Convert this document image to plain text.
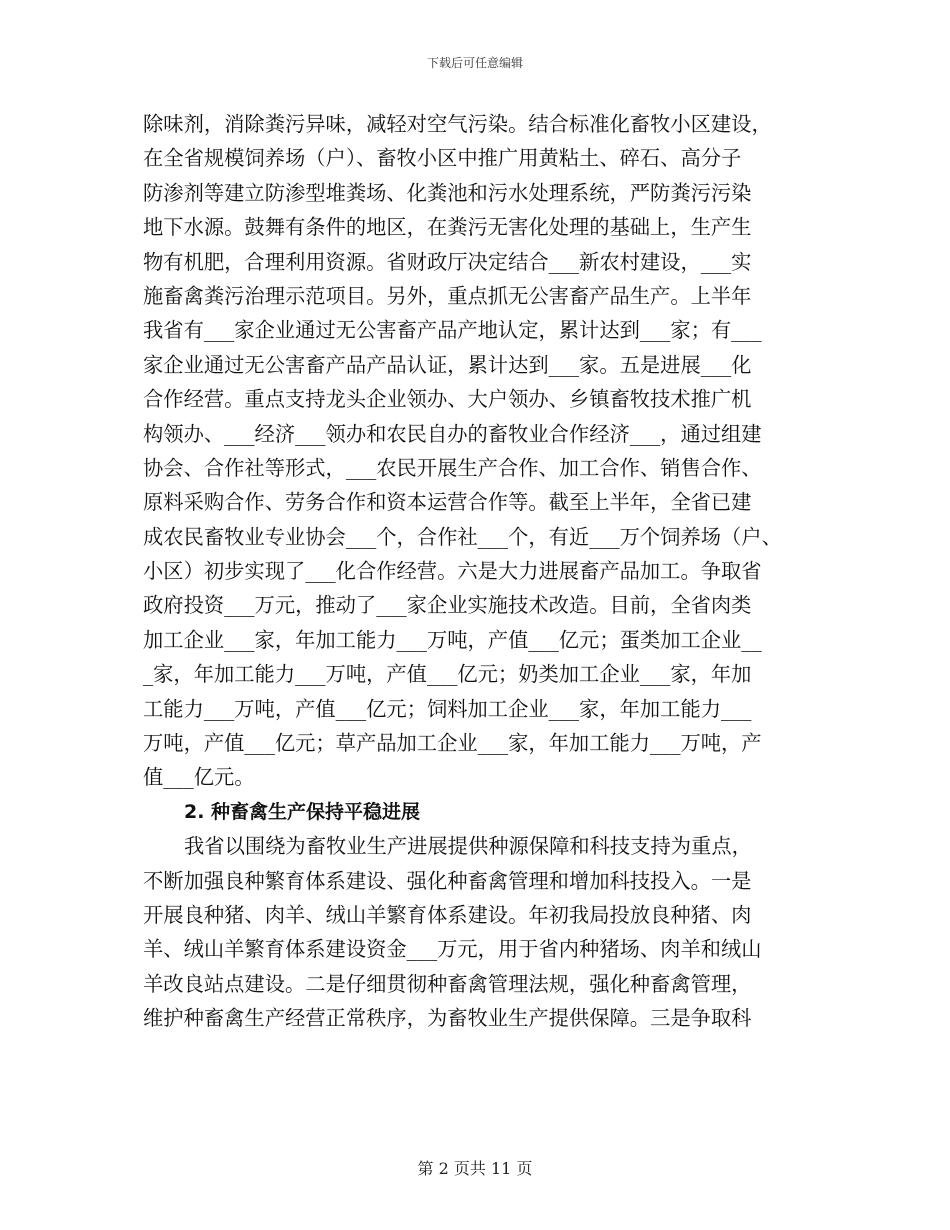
下载后可任意编辑
除味剂，消除粪污异味，减轻对空气污染。结合标准化畜牧小区建设，
在全省规模饲养场（户）、畜牧小区中推广用黄粘土、碎石、高分子
防渗剂等建立防渗型堆粪场、化粪池和污水处理系统，严防粪污污染
地下水源。鼓舞有条件的地区，在粪污无害化处理的基础上，生产生
物有机肥，合理利用资源。省财政厅决定结合___新农村建设，___实
施畜禽粪污治理示范项目。另外，重点抓无公害畜产品生产。上半年
我省有___家企业通过无公害畜产品产地认定，累计达到___家；有___
家企业通过无公害畜产品产品认证，累计达到___家。五是进展___化
合作经营。重点支持龙头企业领办、大户领办、乡镇畜牧技术推广机
构领办、___经济___领办和农民自办的畜牧业合作经济___，通过组建
协会、合作社等形式，___农民开展生产合作、加工合作、销售合作、
原料采购合作、劳务合作和资本运营合作等。截至上半年，全省已建
成农民畜牧业专业协会___个，合作社___个，有近___万个饲养场（户、
小区）初步实现了___化合作经营。六是大力进展畜产品加工。争取省
政府投资___万元，推动了___家企业实施技术改造。目前，全省肉类
加工企业___家，年加工能力___万吨，产值___亿元；蛋类加工企业__
_家，年加工能力___万吨，产值___亿元；奶类加工企业___家，年加
工能力___万吨，产值___亿元；饲料加工企业___家，年加工能力___
万吨，产值___亿元；草产品加工企业___家，年加工能力___万吨，产
值___亿元。
2. 种畜禽生产保持平稳进展
我省以围绕为畜牧业生产进展提供种源保障和科技支持为重点，
不断加强良种繁育体系建设、强化种畜禽管理和增加科技投入。一是
开展良种猪、肉羊、绒山羊繁育体系建设。年初我局投放良种猪、肉
羊、绒山羊繁育体系建设资金___万元，用于省内种猪场、肉羊和绒山
羊改良站点建设。二是仔细贯彻种畜禽管理法规，强化种畜禽管理，
维护种畜禽生产经营正常秩序，为畜牧业生产提供保障。三是争取科
第 2 页共 11 页
